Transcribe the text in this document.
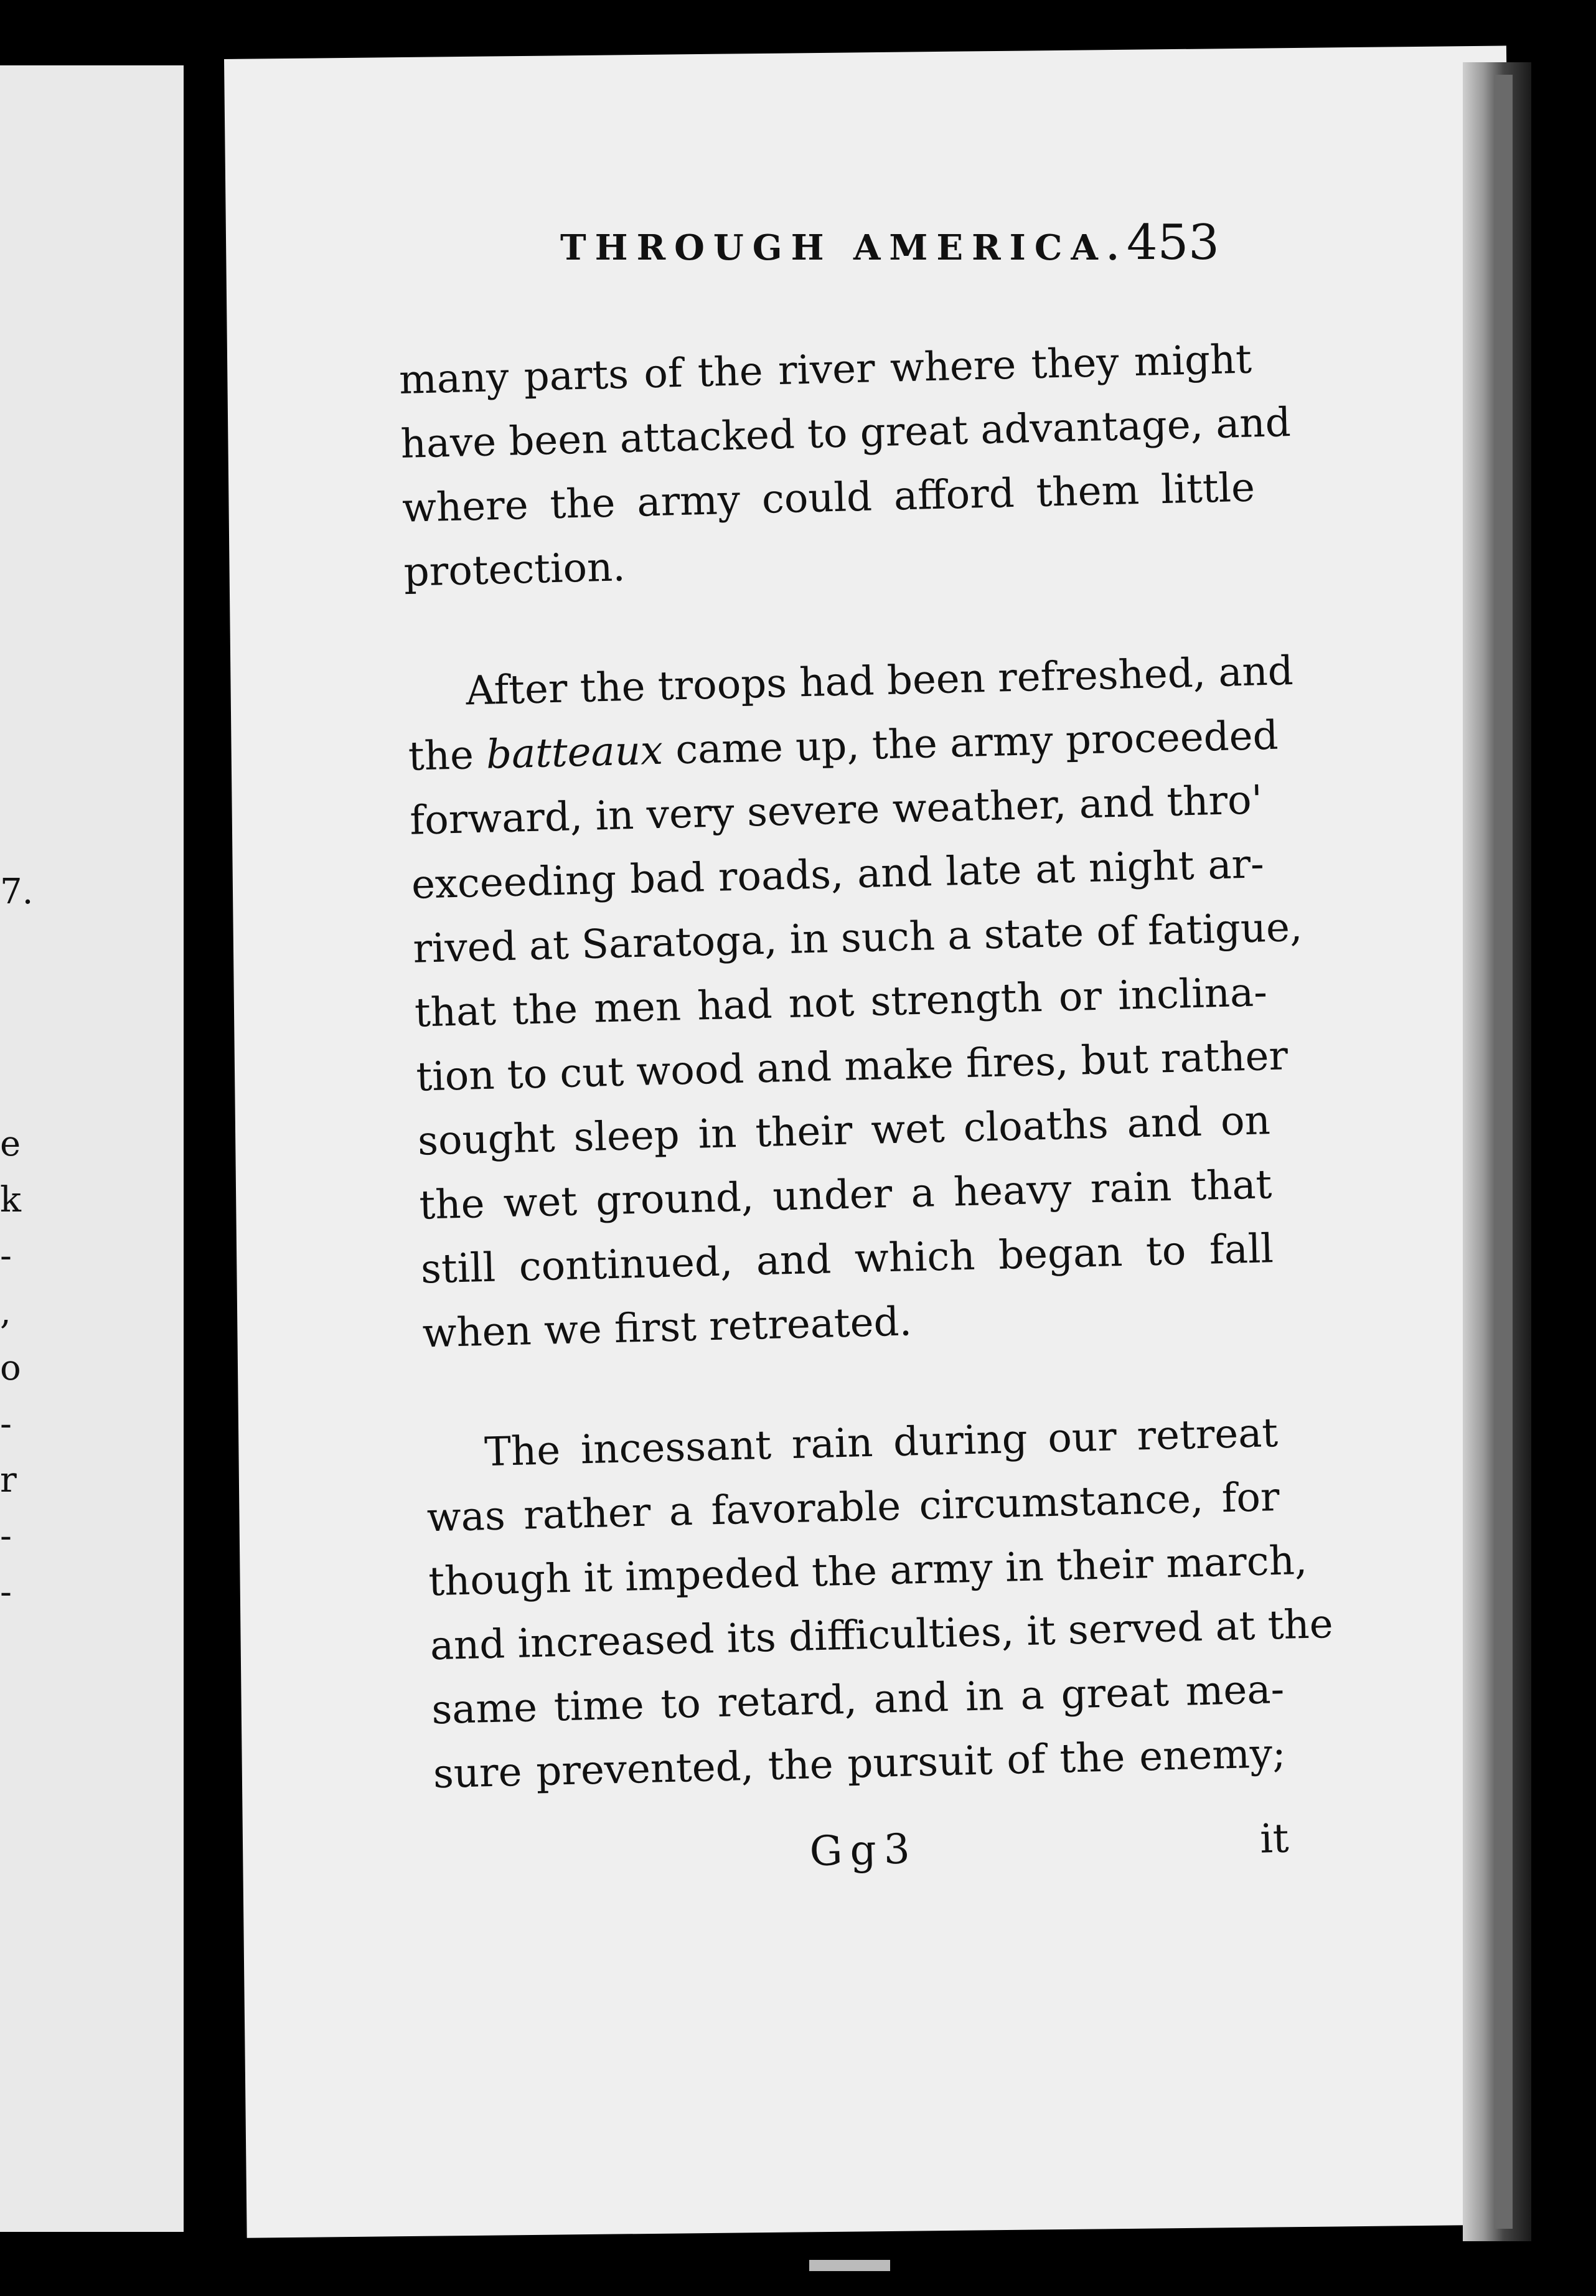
7.
e
k
-
,
o
-
r
-
-
THROUGH AMERICA.
453
many parts of the river where they might
have been attacked to great advantage, and
where the army could afford them little
protection.
After the troops had been refreshed, and
the batteaux came up, the army proceeded
forward, in very severe weather, and thro'
exceeding bad roads, and late at night ar-
rived at Saratoga, in such a state of fatigue,
that the men had not strength or inclina-
tion to cut wood and make fires, but rather
sought sleep in their wet cloaths and on
the wet ground, under a heavy rain that
still continued, and which began to fall
when we first retreated.
The incessant rain during our retreat
was rather a favorable circumstance, for
though it impeded the army in their march,
and increased its difficulties, it served at the
same time to retard, and in a great mea-
sure prevented, the pursuit of the enemy;
Gg3	it
